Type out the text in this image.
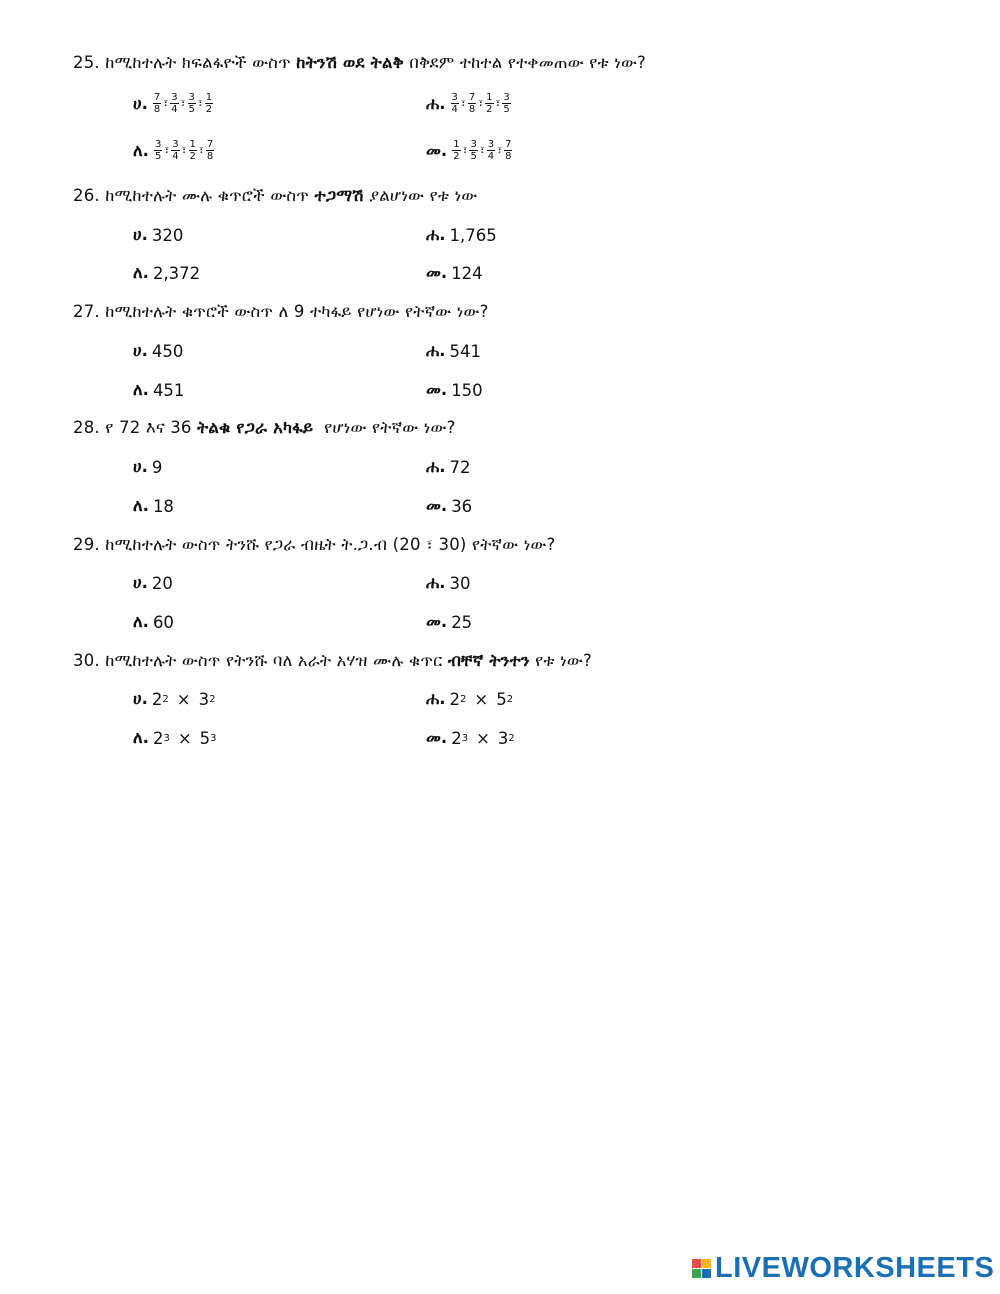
25. ከሚከተሉት ክፍልፋዮች ውስጥ ከትንሽ ወደ ትልቅ በቅደም ተከተል የተቀመጠው የቱ ነው?
ሀ. $\frac{7}{8}$ ፣ $\frac{3}{4}$ ፣ $\frac{3}{5}$ ፣ $\frac{1}{2}$	ሐ. $\frac{3}{4}$ ፣ $\frac{7}{8}$ ፣ $\frac{1}{2}$ ፣ $\frac{3}{5}$
ለ. $\frac{3}{5}$ ፣ $\frac{3}{4}$ ፣ $\frac{1}{2}$ ፣ $\frac{7}{8}$	መ. $\frac{1}{2}$ ፣ $\frac{3}{5}$ ፣ $\frac{3}{4}$ ፣ $\frac{7}{8}$
26. ከሚከተሉት ሙሉ ቁጥሮች ውስጥ ተጋማሽ ያልሆነው የቱ ነው
ሀ. 320	ሐ. 1,765
ለ. 2,372	መ. 124
27. ከሚከተሉት ቁጥሮች ውስጥ ለ 9 ተካፋይ የሆነው የትኛው ነው?
ሀ. 450	ሐ. 541
ለ. 451	መ. 150
28. የ 72 እና 36 ትልቁ የጋራ አካፋይ  የሆነው የትኛው ነው?
ሀ. 9	ሐ. 72
ለ. 18	መ. 36
29. ከሚከተሉት ውስጥ ትንሹ የጋራ ብዜት ት.ጋ.ብ (20 ፣ 30) የትኛው ነው?
ሀ. 20	ሐ. 30
ለ. 60	መ. 25
30. ከሚከተሉት ውስጥ የትንሹ ባለ አራት አሃዝ ሙሉ ቁጥር ብቸኛ ትንተን የቱ ነው?
ሀ. 2 2 × 3 2	ሐ. 2 2 × 5 2
ለ. 2 3 × 5 3	መ. 2 3 × 3 2
LIVEWORKSHEETS
